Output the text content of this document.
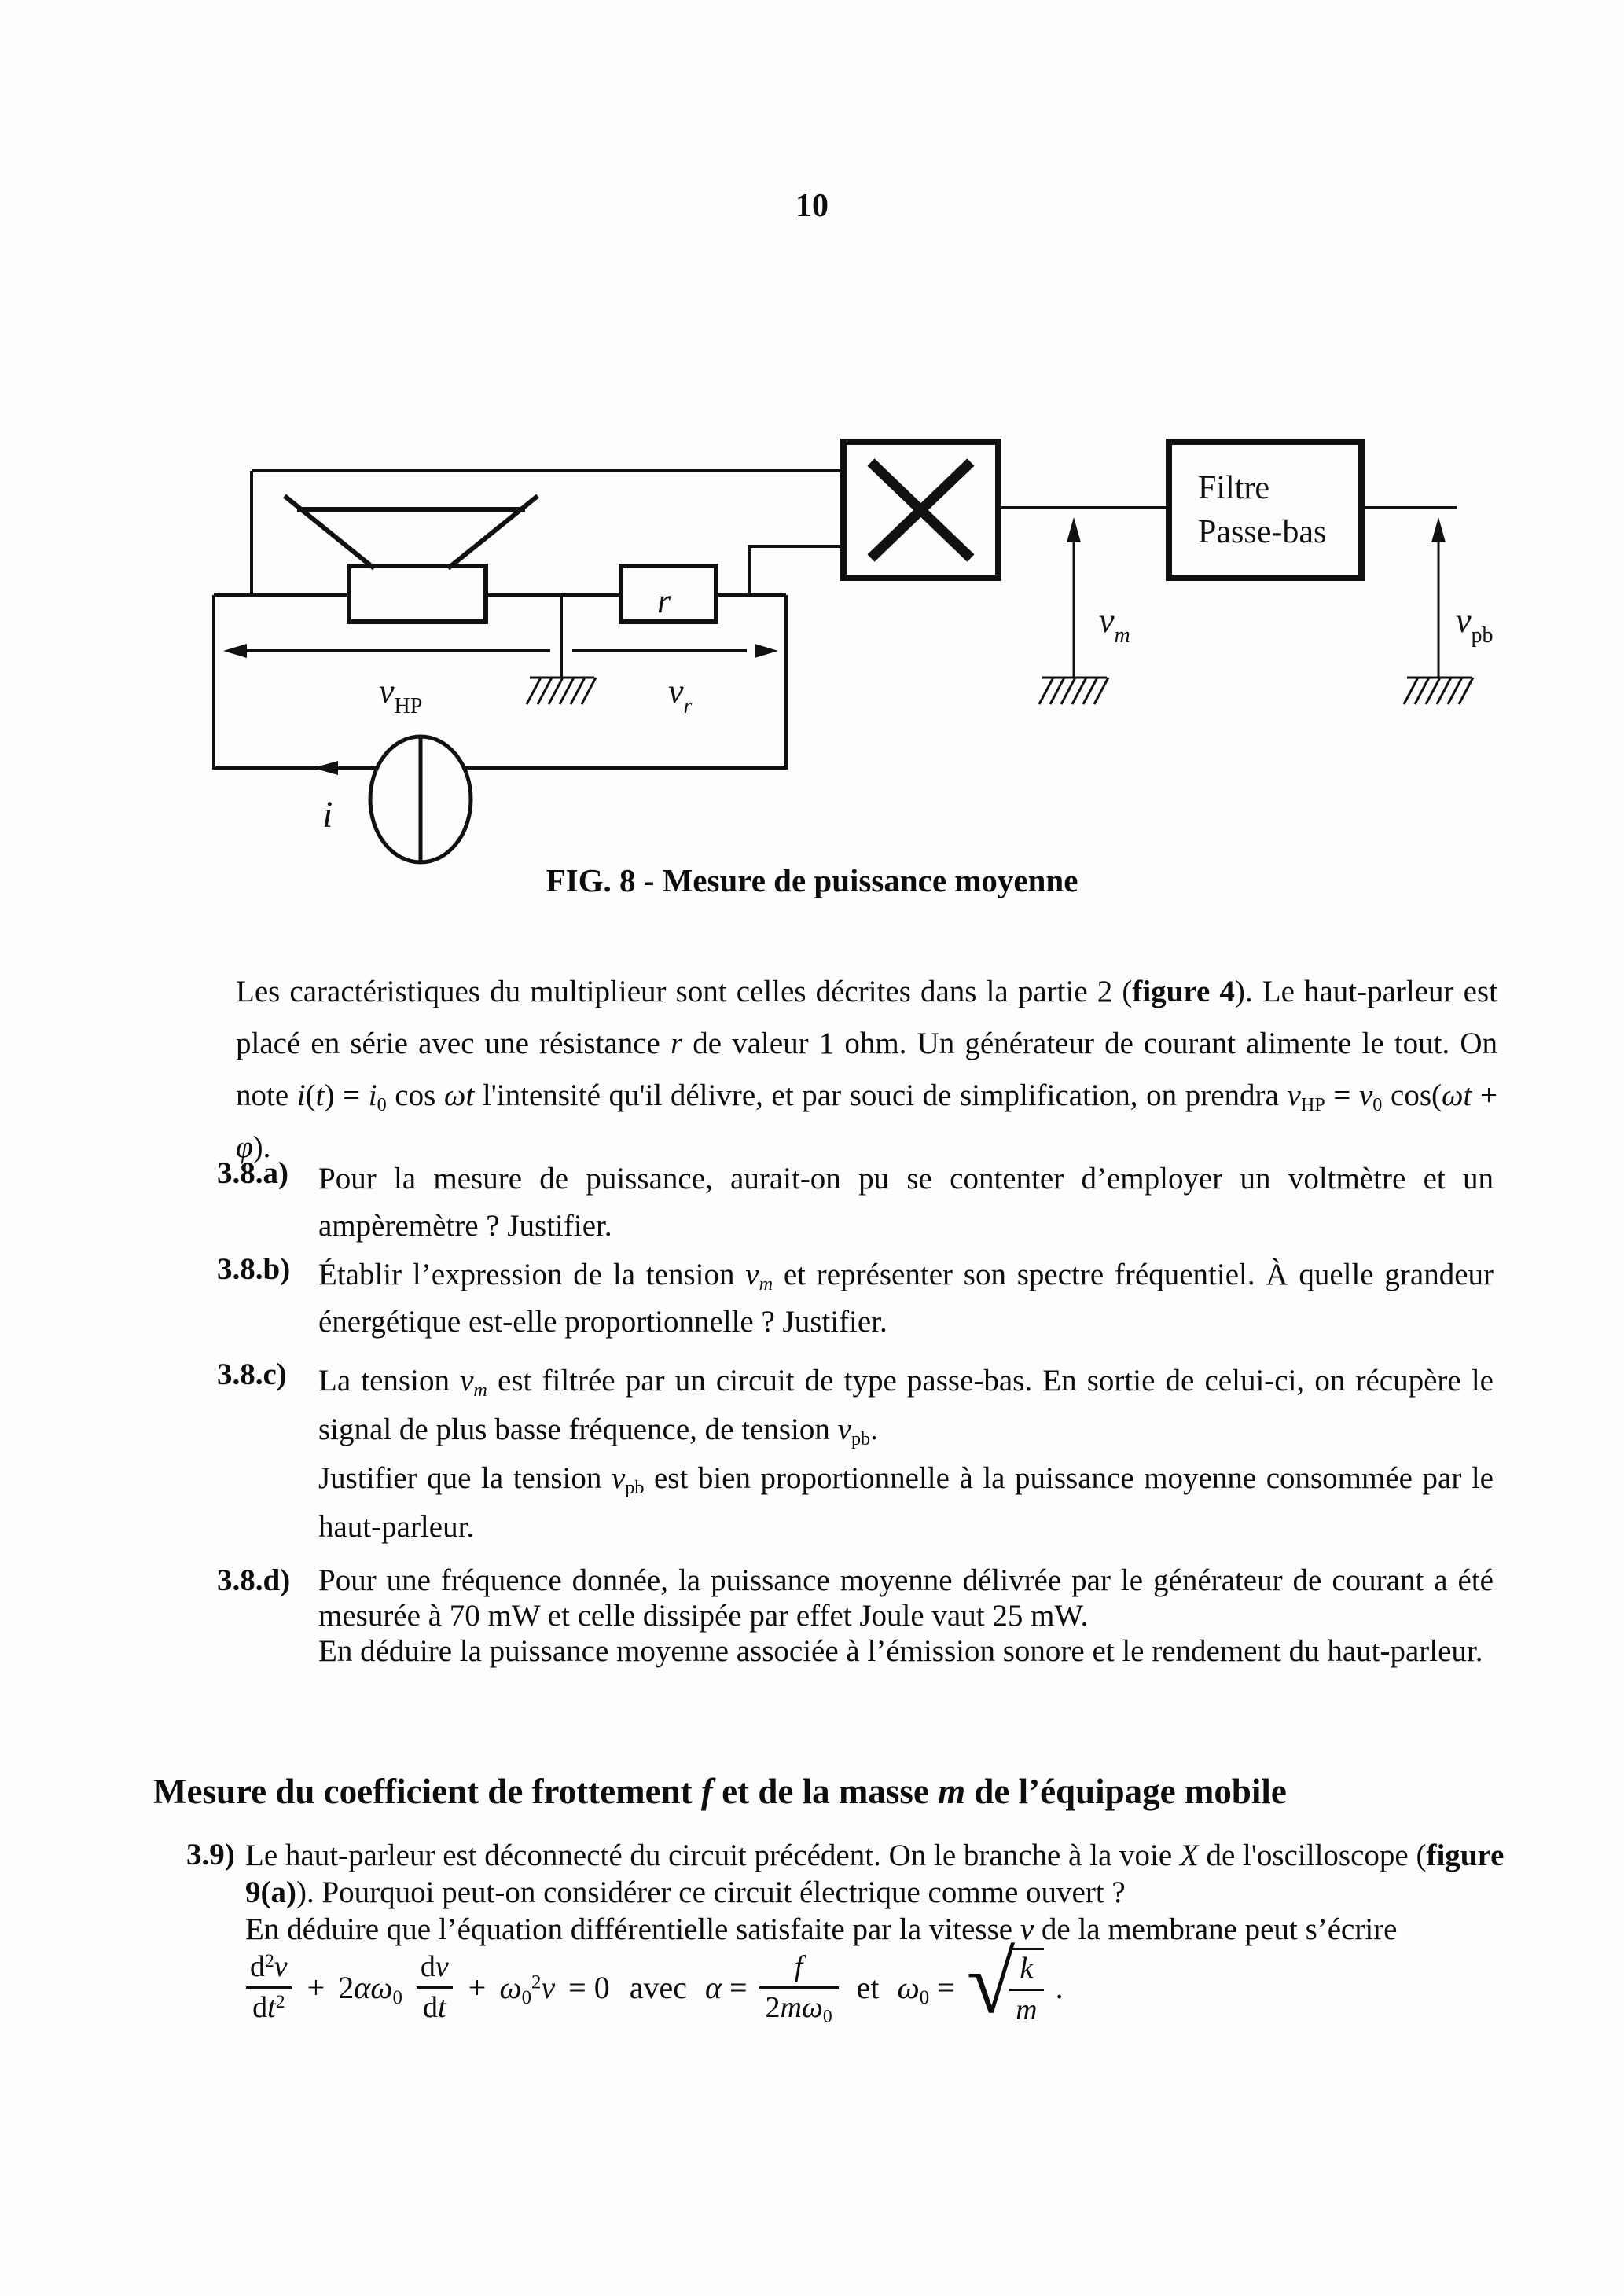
10
r
i
Filtre
Passe-bas
$v_{HP}$	$v_r$
$v_m$	$v_{pb}$
FIG. 8 - Mesure de puissance moyenne
Les caractéristiques du multiplieur sont celles décrites dans la partie 2 (figure 4). Le haut-parleur est placé en série avec une résistance r de valeur 1 ohm. Un générateur de courant alimente le tout. On note $i(t) = i_0$ cos ωt l'intensité qu'il délivre, et par souci de simplification, on prendra $v_{HP} = v_0$ cos(ωt + φ).
3.8.a) Pour la mesure de puissance, aurait-on pu se contenter d’employer un voltmètre et un ampèremètre ? Justifier.
3.8.b) Établir l’expression de la tension $v_m$ et représenter son spectre fréquentiel. À quelle grandeur énergétique est-elle proportionnelle ? Justifier.
3.8.c) La tension $v_m$ est filtrée par un circuit de type passe-bas. En sortie de celui-ci, on récupère le signal de plus basse fréquence, de tension $v_{pb}$.
Justifier que la tension $v_{pb}$ est bien proportionnelle à la puissance moyenne consommée par le haut-parleur.
3.8.d) Pour une fréquence donnée, la puissance moyenne délivrée par le générateur de courant a été mesurée à 70 mW et celle dissipée par effet Joule vaut 25 mW.
En déduire la puissance moyenne associée à l’émission sonore et le rendement du haut-parleur.
Mesure du coefficient de frottement f et de la masse m de l’équipage mobile
3.9) Le haut-parleur est déconnecté du circuit précédent. On le branche à la voie X de l'oscilloscope (figure 9(a)). Pourquoi peut-on considérer ce circuit électrique comme ouvert ?
En déduire que l’équation différentielle satisfaite par la vitesse v de la membrane peut s’écrire
$\frac{d^2v}{dt^2} + 2\alpha\omega_0 \frac{dv}{dt} + \omega_0^2v = 0$ avec $\alpha = \frac{f}{2m\omega_0}$ et $\omega_0$ = √
$\frac{k}{m}$ .
